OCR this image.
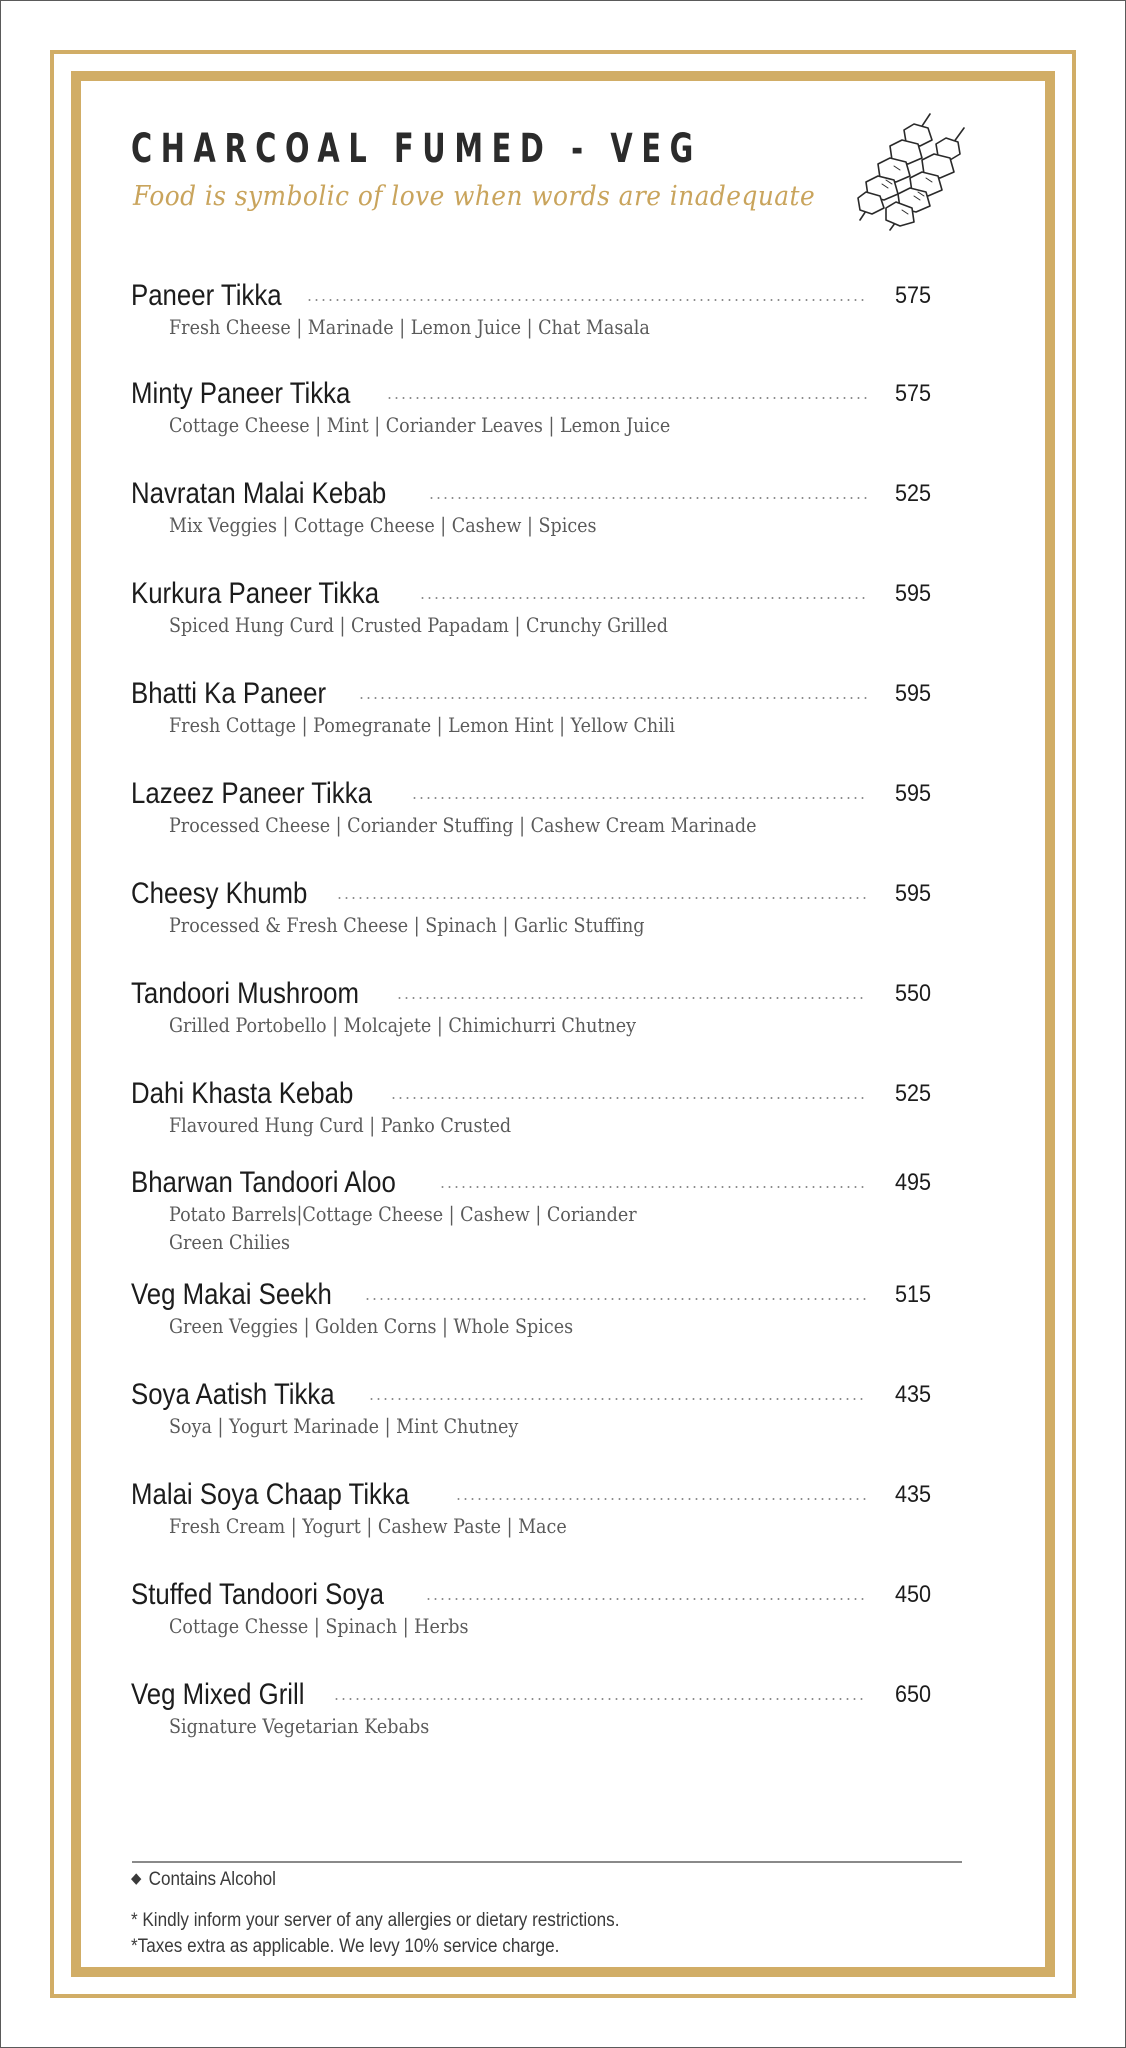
CHARCOAL FUMED - VEG
Food is symbolic of love when words are inadequate
Paneer Tikka	575
Fresh Cheese | Marinade | Lemon Juice | Chat Masala
Minty Paneer Tikka	575
Cottage Cheese | Mint | Coriander Leaves | Lemon Juice
Navratan Malai Kebab	525
Mix Veggies | Cottage Cheese | Cashew | Spices
Kurkura Paneer Tikka	595
Spiced Hung Curd | Crusted Papadam | Crunchy Grilled
Bhatti Ka Paneer	595
Fresh Cottage | Pomegranate | Lemon Hint | Yellow Chili
Lazeez Paneer Tikka	595
Processed Cheese | Coriander Stuffing | Cashew Cream Marinade
Cheesy Khumb	595
Processed & Fresh Cheese | Spinach | Garlic Stuffing
Tandoori Mushroom	550
Grilled Portobello | Molcajete | Chimichurri Chutney
Dahi Khasta Kebab	525
Flavoured Hung Curd | Panko Crusted
Bharwan Tandoori Aloo	495
Potato Barrels|Cottage Cheese | Cashew | Coriander
Green Chilies
Veg Makai Seekh	515
Green Veggies | Golden Corns | Whole Spices
Soya Aatish Tikka	435
Soya | Yogurt Marinade | Mint Chutney
Malai Soya Chaap Tikka	435
Fresh Cream | Yogurt | Cashew Paste | Mace
Stuffed Tandoori Soya	450
Cottage Chesse | Spinach | Herbs
Veg Mixed Grill	650
Signature Vegetarian Kebabs
◆ Contains Alcohol
* Kindly inform your server of any allergies or dietary restrictions.
*Taxes extra as applicable. We levy 10% service charge.
